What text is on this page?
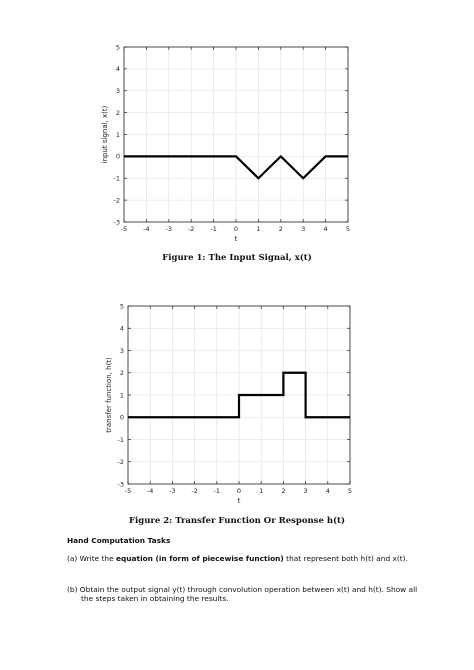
-5 -4 -3 -2 -1	0	1	2	3	4	5
-3
-2
-1
0
1
2
3
4
5
t
input signal, x(t)
Figure 1: The Input Signal, x(t)
-5 -4 -3 -2 -1	0	1	2	3	4	5
-3
-2
-1
0
1
2
3
4
5
t
transfer function, h(t)
Figure 2: Transfer Function Or Response h(t)
Hand Computation Tasks
(a) Write the equation (in form of piecewise function) that represent both h(t) and x(t).
(b) Obtain the output signal y(t) through convolution operation between x(t) and h(t). Show all
the steps taken in obtaining the results.
